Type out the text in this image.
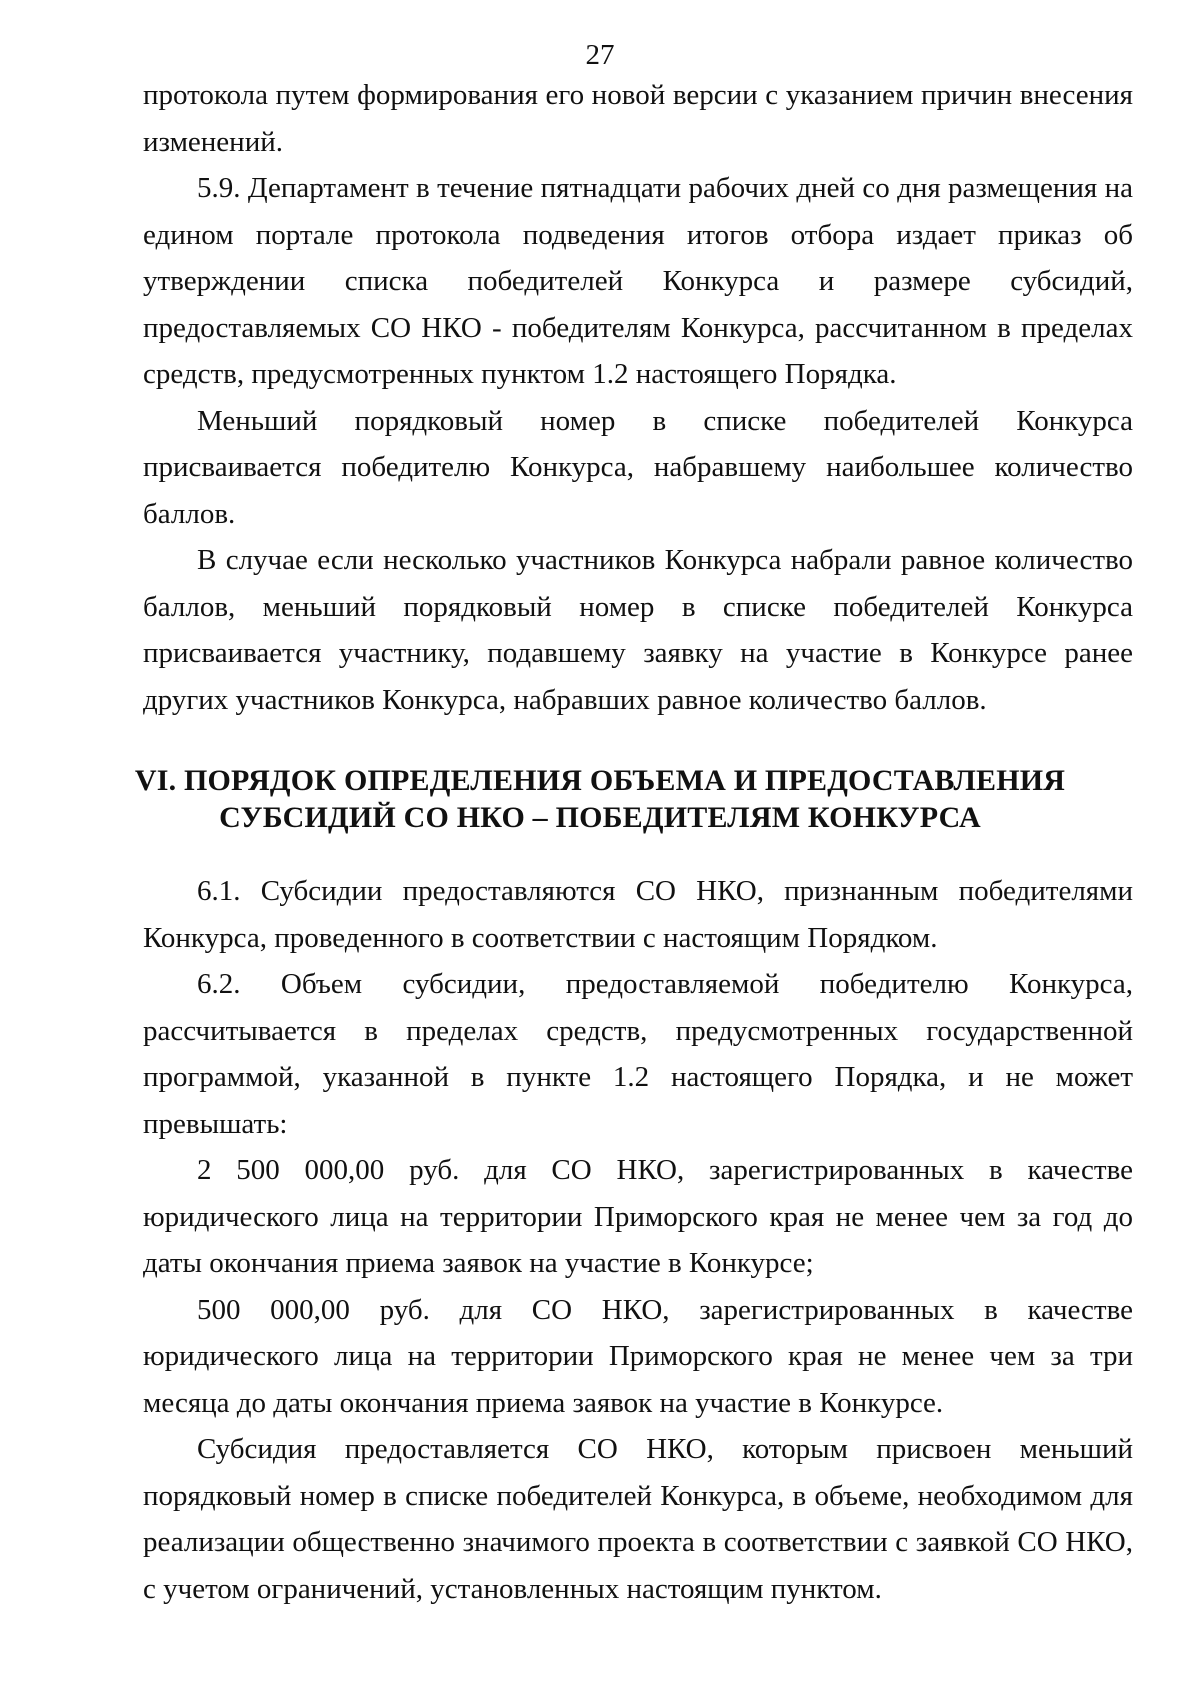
27

протокола путем формирования его новой версии с указанием причин внесения изменений.

5.9. Департамент в течение пятнадцати рабочих дней со дня размещения на едином портале протокола подведения итогов отбора издает приказ об утверждении списка победителей Конкурса и размере субсидий, предоставляемых СО НКО - победителям Конкурса, рассчитанном в пределах средств, предусмотренных пунктом 1.2 настоящего Порядка.

Меньший порядковый номер в списке победителей Конкурса присваивается победителю Конкурса, набравшему наибольшее количество баллов.

В случае если несколько участников Конкурса набрали равное количество баллов, меньший порядковый номер в списке победителей Конкурса присваивается участнику, подавшему заявку на участие в Конкурсе ранее других участников Конкурса, набравших равное количество баллов.

VI. ПОРЯДОК ОПРЕДЕЛЕНИЯ ОБЪЕМА И ПРЕДОСТАВЛЕНИЯ
СУБСИДИЙ СО НКО – ПОБЕДИТЕЛЯМ КОНКУРСА

6.1. Субсидии предоставляются СО НКО, признанным победителями Конкурса, проведенного в соответствии с настоящим Порядком.

6.2. Объем субсидии, предоставляемой победителю Конкурса, рассчитывается в пределах средств, предусмотренных государственной программой, указанной в пункте 1.2 настоящего Порядка, и не может превышать:

2 500 000,00 руб. для СО НКО, зарегистрированных в качестве юридического лица на территории Приморского края не менее чем за год до даты окончания приема заявок на участие в Конкурсе;

500 000,00 руб. для СО НКО, зарегистрированных в качестве юридического лица на территории Приморского края не менее чем за три месяца до даты окончания приема заявок на участие в Конкурсе.

Субсидия предоставляется СО НКО, которым присвоен меньший порядковый номер в списке победителей Конкурса, в объеме, необходимом для реализации общественно значимого проекта в соответствии с заявкой СО НКО, с учетом ограничений, установленных настоящим пунктом.
